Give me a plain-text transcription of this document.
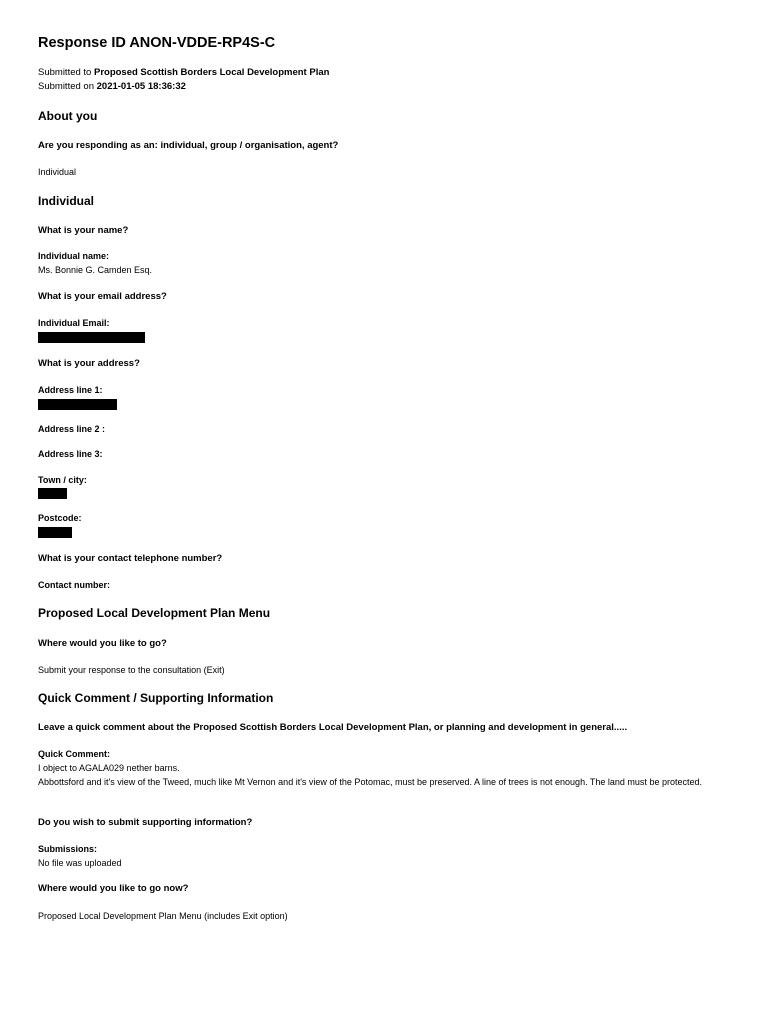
Response ID ANON-VDDE-RP4S-C
Submitted to Proposed Scottish Borders Local Development Plan
Submitted on 2021-01-05 18:36:32
About you
Are you responding as an: individual, group / organisation, agent?
Individual
Individual
What is your name?
Individual name:
Ms. Bonnie G. Camden Esq.
What is your email address?
Individual Email:
What is your address?
Address line 1:
Address line 2 :
Address line 3:
Town / city:
Postcode:
What is your contact telephone number?
Contact number:
Proposed Local Development Plan Menu
Where would you like to go?
Submit your response to the consultation (Exit)
Quick Comment / Supporting Information
Leave a quick comment about the Proposed Scottish Borders Local Development Plan, or planning and development in general.....
Quick Comment:
I object to AGALA029 nether barns.
Abbottsford and it's view of the Tweed, much like Mt Vernon and it's view of the Potomac, must be preserved. A line of trees is not enough. The land must be protected.
Do you wish to submit supporting information?
Submissions:
No file was uploaded
Where would you like to go now?
Proposed Local Development Plan Menu (includes Exit option)
